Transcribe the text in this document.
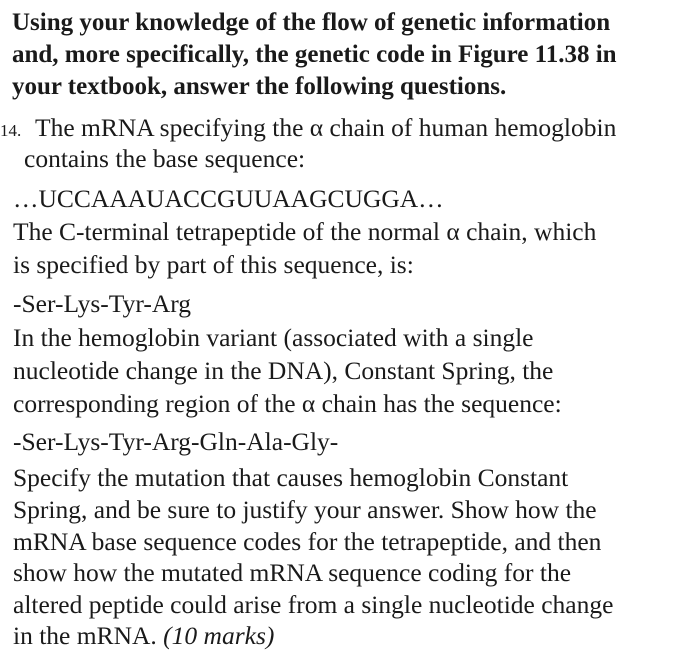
Using your knowledge of the flow of genetic information
and, more specifically, the genetic code in Figure 11.38 in
your textbook, answer the following questions.
14. The mRNA specifying the α chain of human hemoglobin
contains the base sequence:
…UCCAAAUACCGUUAAGCUGGA…
The C-terminal tetrapeptide of the normal α chain, which
is specified by part of this sequence, is:
-Ser-Lys-Tyr-Arg
In the hemoglobin variant (associated with a single
nucleotide change in the DNA), Constant Spring, the
corresponding region of the α chain has the sequence:
-Ser-Lys-Tyr-Arg-Gln-Ala-Gly-
Specify the mutation that causes hemoglobin Constant
Spring, and be sure to justify your answer. Show how the
mRNA base sequence codes for the tetrapeptide, and then
show how the mutated mRNA sequence coding for the
altered peptide could arise from a single nucleotide change
in the mRNA. (10 marks)
